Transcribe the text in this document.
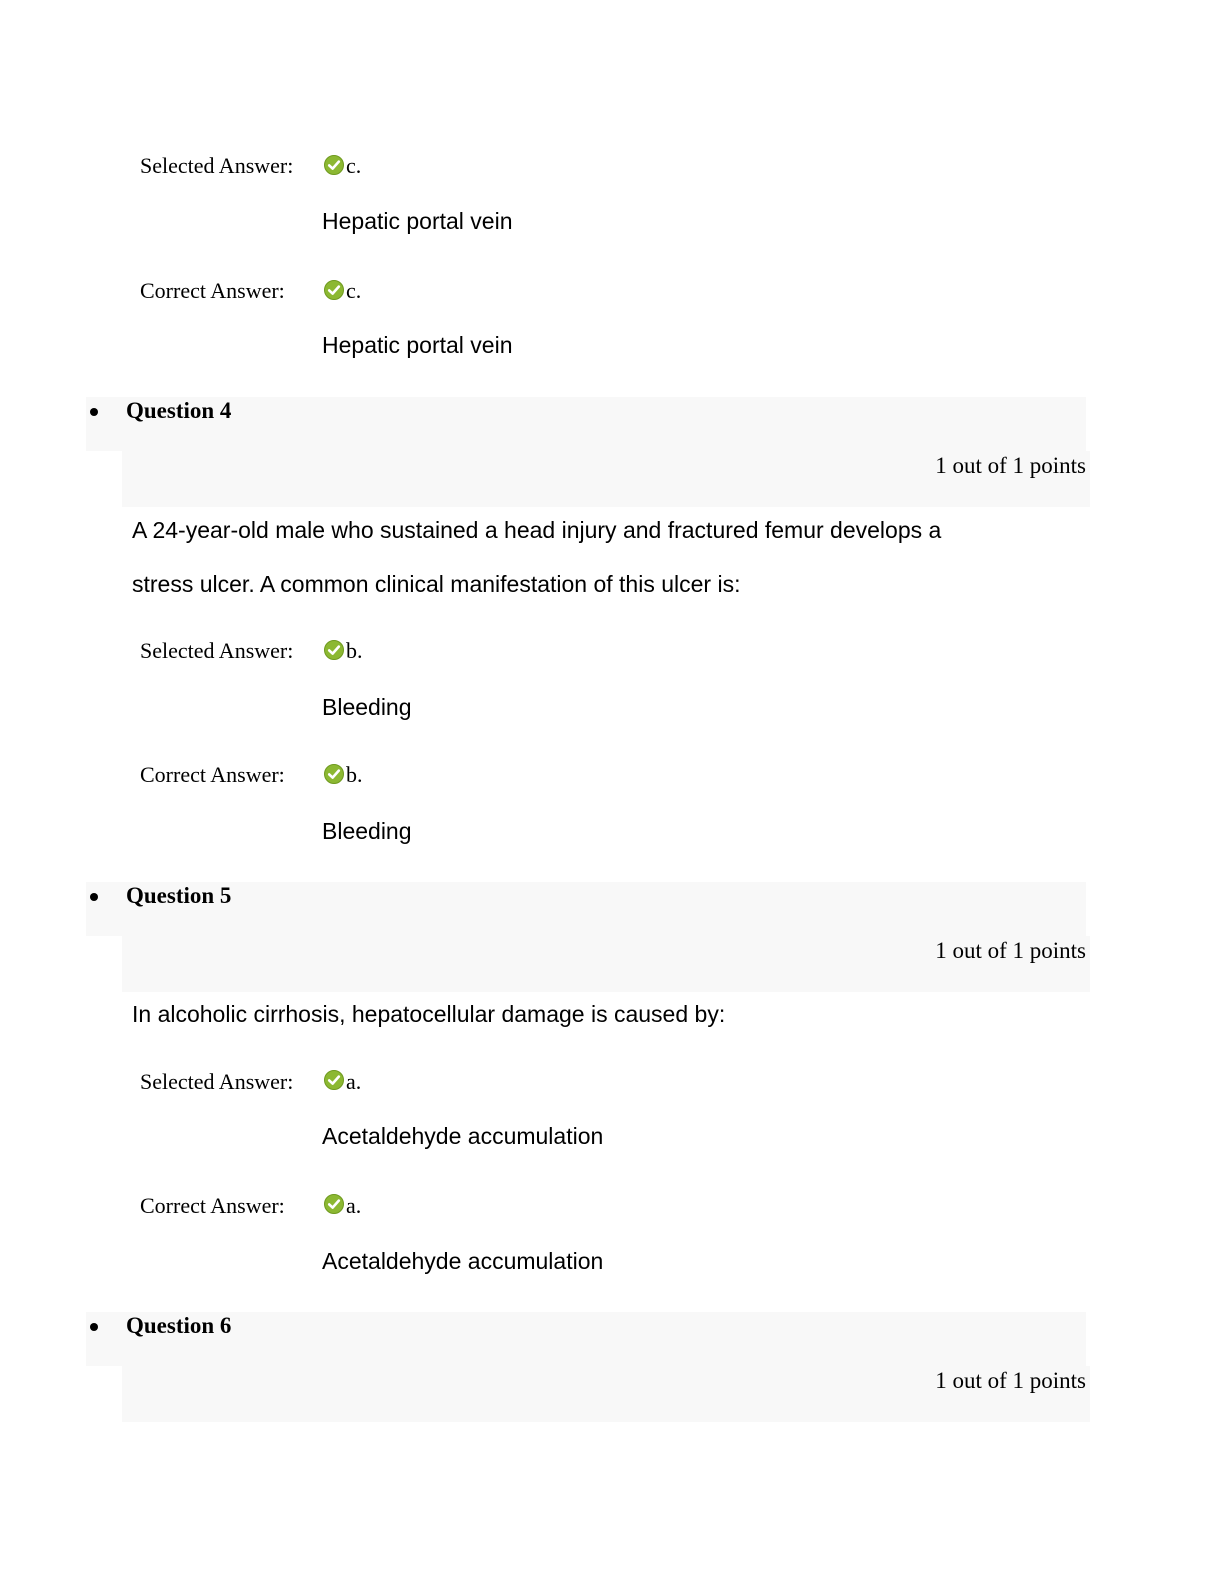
Selected Answer: c.
Hepatic portal vein
Correct Answer:	c.
Hepatic portal vein
Question 4
1 out of 1 points
A 24-year-old male who sustained a head injury and fractured femur develops a
stress ulcer. A common clinical manifestation of this ulcer is:
Selected Answer: b.
Bleeding
Correct Answer:	b.
Bleeding
Question 5
1 out of 1 points
In alcoholic cirrhosis, hepatocellular damage is caused by:
Selected Answer: a.
Acetaldehyde accumulation
Correct Answer:	a.
Acetaldehyde accumulation
Question 6
1 out of 1 points
